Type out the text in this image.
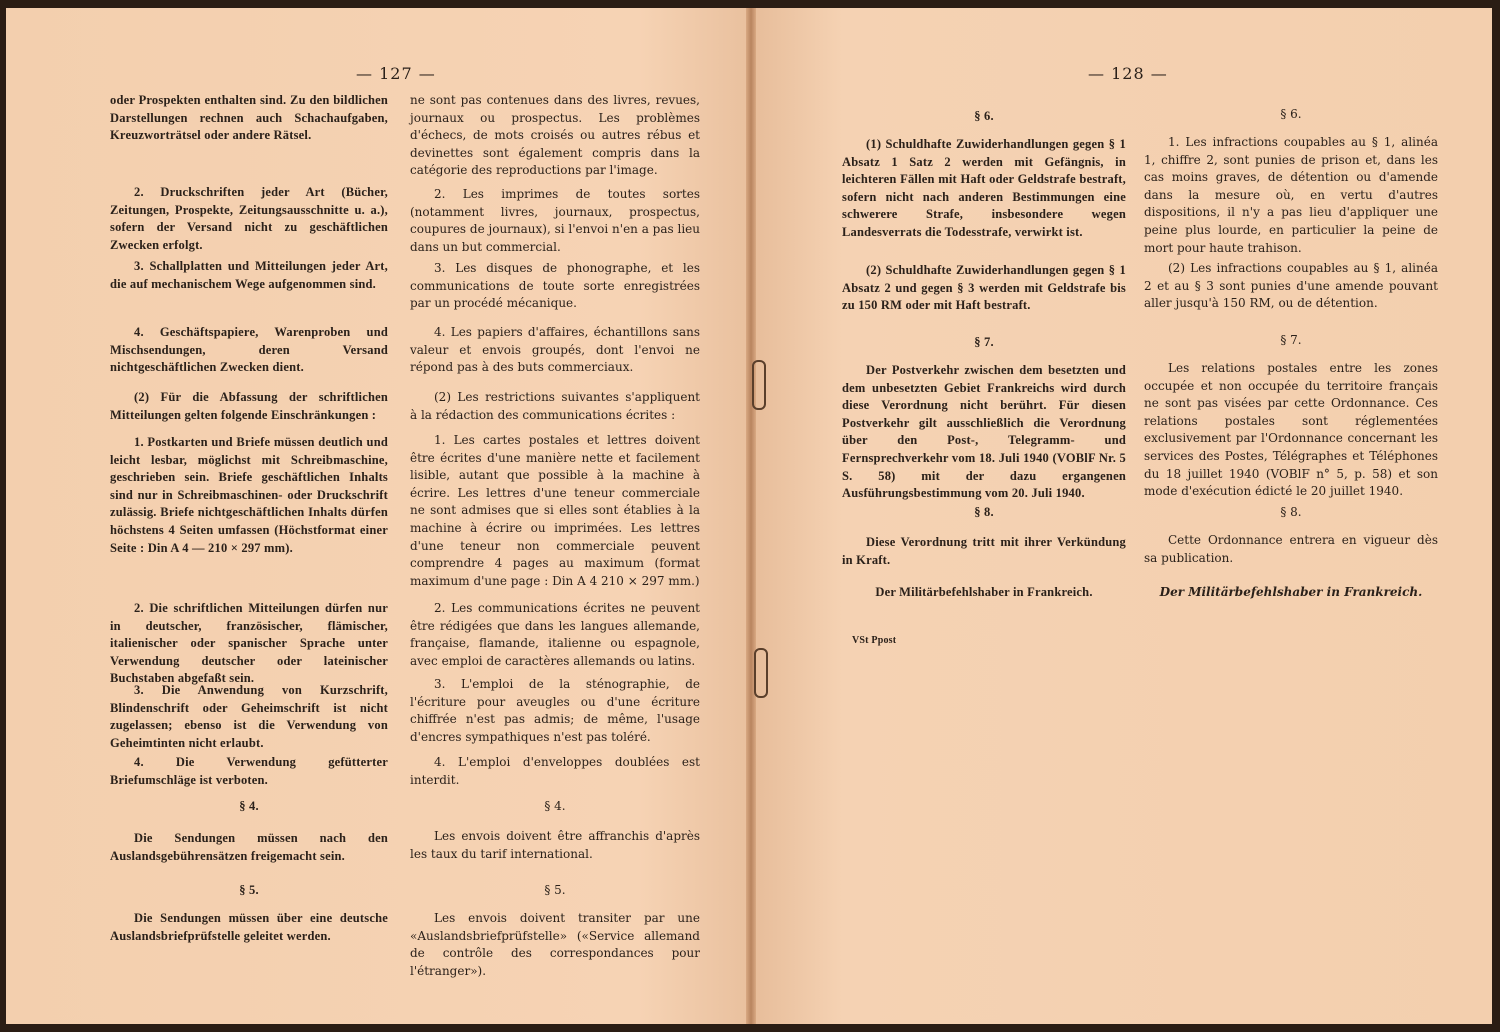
— 127 —
oder Prospekten enthalten sind. Zu den bildlichen Darstellungen rechnen auch Schachaufgaben, Kreuzworträtsel oder andere Rätsel.
2. Druckschriften jeder Art (Bücher, Zeitungen, Prospekte, Zeitungsausschnitte u. a.), sofern der Versand nicht zu geschäftlichen Zwecken erfolgt.
3. Schallplatten und Mitteilungen jeder Art, die auf mechanischem Wege aufgenommen sind.
4. Geschäftspapiere, Warenproben und Mischsendungen, deren Versand nichtgeschäftlichen Zwecken dient.
(2) Für die Abfassung der schriftlichen Mitteilungen gelten folgende Einschränkungen :
1. Postkarten und Briefe müssen deutlich und leicht lesbar, möglichst mit Schreibmaschine, geschrieben sein. Briefe geschäftlichen Inhalts sind nur in Schreibmaschinen- oder Druckschrift zulässig. Briefe nichtgeschäftlichen Inhalts dürfen höchstens 4 Seiten umfassen (Höchstformat einer Seite : Din A 4 — 210 × 297 mm).
2. Die schriftlichen Mitteilungen dürfen nur in deutscher, französischer, flämischer, italienischer oder spanischer Sprache unter Verwendung deutscher oder lateinischer Buchstaben abgefaßt sein.
3. Die Anwendung von Kurzschrift, Blindenschrift oder Geheimschrift ist nicht zugelassen; ebenso ist die Verwendung von Geheimtinten nicht erlaubt.
4. Die Verwendung gefütterter Briefumschläge ist verboten.
§ 4.
Die Sendungen müssen nach den Auslandsgebührensätzen freigemacht sein.
§ 5.
Die Sendungen müssen über eine deutsche Auslandsbriefprüfstelle geleitet werden.
ne sont pas contenues dans des livres, revues, journaux ou prospectus. Les problèmes d'échecs, de mots croisés ou autres rébus et devinettes sont également compris dans la catégorie des reproductions par l'image.
2. Les imprimes de toutes sortes (notamment livres, journaux, prospectus, coupures de journaux), si l'envoi n'en a pas lieu dans un but commercial.
3. Les disques de phonographe, et les communications de toute sorte enregistrées par un procédé mécanique.
4. Les papiers d'affaires, échantillons sans valeur et envois groupés, dont l'envoi ne répond pas à des buts commerciaux.
(2) Les restrictions suivantes s'appliquent à la rédaction des communications écrites :
1. Les cartes postales et lettres doivent être écrites d'une manière nette et facilement lisible, autant que possible à la machine à écrire. Les lettres d'une teneur commerciale ne sont admises que si elles sont établies à la machine à écrire ou imprimées. Les lettres d'une teneur non commerciale peuvent comprendre 4 pages au maximum (format maximum d'une page : Din A 4 210 × 297 mm.)
2. Les communications écrites ne peuvent être rédigées que dans les langues allemande, française, flamande, italienne ou espagnole, avec emploi de caractères allemands ou latins.
3. L'emploi de la sténographie, de l'écriture pour aveugles ou d'une écriture chiffrée n'est pas admis; de même, l'usage d'encres sympathiques n'est pas toléré.
4. L'emploi d'enveloppes doublées est interdit.
§ 4.
Les envois doivent être affranchis d'après les taux du tarif international.
§ 5.
Les envois doivent transiter par une «Auslandsbriefprüfstelle» («Service allemand de contrôle des correspondances pour l'étranger»).
— 128 —
§ 6.
(1) Schuldhafte Zuwiderhandlungen gegen § 1 Absatz 1 Satz 2 werden mit Gefängnis, in leichteren Fällen mit Haft oder Geldstrafe bestraft, sofern nicht nach anderen Bestimmungen eine schwerere Strafe, insbesondere wegen Landesverrats die Todesstrafe, verwirkt ist.
(2) Schuldhafte Zuwiderhandlungen gegen § 1 Absatz 2 und gegen § 3 werden mit Geldstrafe bis zu 150 RM oder mit Haft bestraft.
§ 7.
Der Postverkehr zwischen dem besetzten und dem unbesetzten Gebiet Frankreichs wird durch diese Verordnung nicht berührt. Für diesen Postverkehr gilt ausschließlich die Verordnung über den Post-, Telegramm- und Fernsprechverkehr vom 18. Juli 1940 (VOBlF Nr. 5 S. 58) mit der dazu ergangenen Ausführungsbestimmung vom 20. Juli 1940.
§ 8.
Diese Verordnung tritt mit ihrer Verkündung in Kraft.
Der Militärbefehlshaber in Frankreich.
VSt Ppost
§ 6.
1. Les infractions coupables au § 1, alinéa 1, chiffre 2, sont punies de prison et, dans les cas moins graves, de détention ou d'amende dans la mesure où, en vertu d'autres dispositions, il n'y a pas lieu d'appliquer une peine plus lourde, en particulier la peine de mort pour haute trahison.
(2) Les infractions coupables au § 1, alinéa 2 et au § 3 sont punies d'une amende pouvant aller jusqu'à 150 RM, ou de détention.
§ 7.
Les relations postales entre les zones occupée et non occupée du territoire français ne sont pas visées par cette Ordonnance. Ces relations postales sont réglementées exclusivement par l'Ordonnance concernant les services des Postes, Télégraphes et Téléphones du 18 juillet 1940 (VOBlF n° 5, p. 58) et son mode d'exécution édicté le 20 juillet 1940.
§ 8.
Cette Ordonnance entrera en vigueur dès sa publication.
Der Militärbefehlshaber in Frankreich.
